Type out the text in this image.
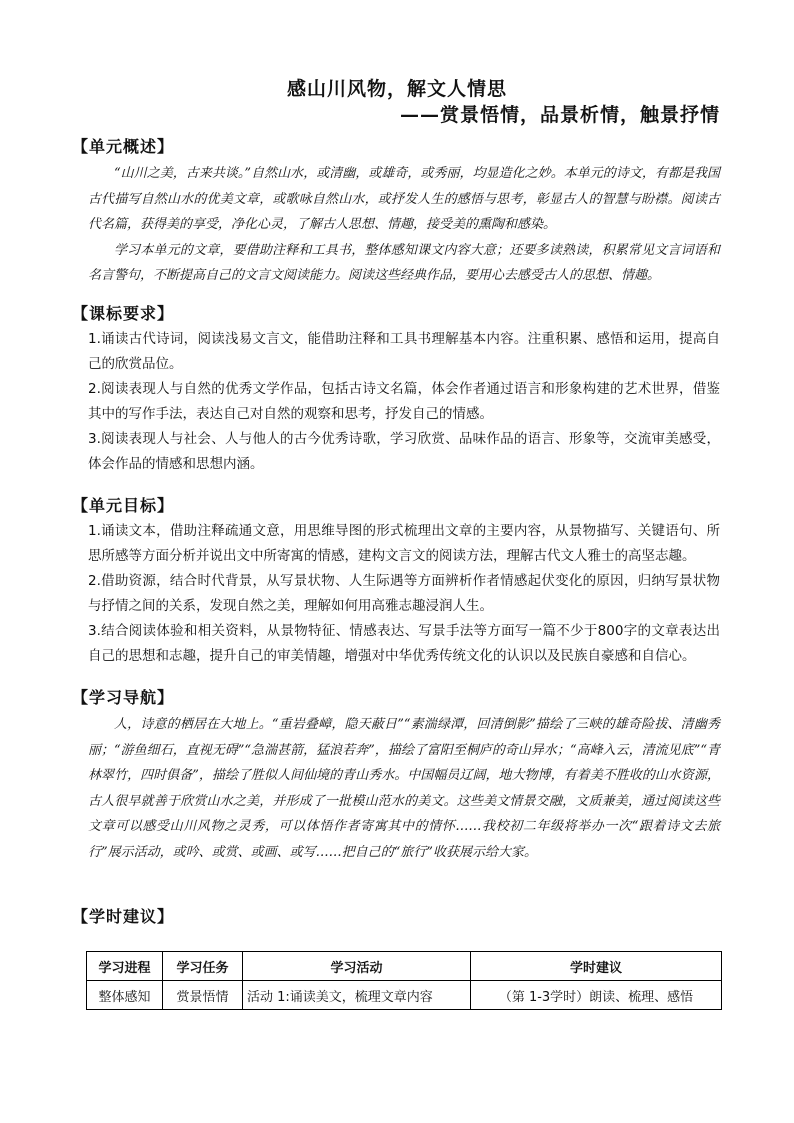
感山川风物，解文人情思
——赏景悟情，品景析情，触景抒情
【单元概述】

“山川之美，古来共谈。”自然山水，或清幽，或雄奇，或秀丽，均显造化之妙。本单元的诗文，有都是我国古代描写自然山水的优美文章，或歌咏自然山水，或抒发人生的感悟与思考，彰显古人的智慧与盼襟。阅读古代名篇，获得美的享受，净化心灵，了解古人思想、情趣，接受美的熏陶和感染。

学习本单元的文章，要借助注释和工具书，整体感知课文内容大意；还要多读熟读，积累常见文言词语和名言警句，不断提高自己的文言文阅读能力。阅读这些经典作品，要用心去感受古人的思想、情趣。

【课标要求】

1.诵读古代诗词，阅读浅易文言文，能借助注释和工具书理解基本内容。注重积累、感悟和运用，提高自己的欣赏品位。

2.阅读表现人与自然的优秀文学作品，包括古诗文名篇，体会作者通过语言和形象构建的艺术世界，借鉴其中的写作手法，表达自己对自然的观察和思考，抒发自己的情感。

3.阅读表现人与社会、人与他人的古今优秀诗歌，学习欣赏、品味作品的语言、形象等，交流审美感受，体会作品的情感和思想内涵。

【单元目标】

1.诵读文本，借助注释疏通文意，用思维导图的形式梳理出文章的主要内容，从景物描写、关键语句、所思所感等方面分析并说出文中所寄寓的情感，建构文言文的阅读方法，理解古代文人雅士的高坚志趣。

2.借助资源，结合时代背景，从写景状物、人生际遇等方面辨析作者情感起伏变化的原因，归纳写景状物与抒情之间的关系，发现自然之美，理解如何用高雅志趣浸润人生。

3.结合阅读体验和相关资料，从景物特征、情感表达、写景手法等方面写一篇不少于800字的文章表达出自己的思想和志趣，提升自己的审美情趣，增强对中华优秀传统文化的认识以及民族自豪感和自信心。

【学习导航】

人，诗意的栖居在大地上。“重岩叠嶂，隐天蔽日”“素湍绿潭，回清倒影”描绘了三峡的雄奇险拔、清幽秀丽；“游鱼细石，直视无碍”“急湍甚箭，猛浪若奔”，描绘了富阳至桐庐的奇山异水；“高峰入云，清流见底”“青林翠竹，四时俱备”，描绘了胜似人间仙境的青山秀水。中国幅员辽阔，地大物博，有着美不胜收的山水资源，古人很早就善于欣赏山水之美，并形成了一批模山范水的美文。这些美文情景交融，文质兼美，通过阅读这些文章可以感受山川风物之灵秀，可以体悟作者寄寓其中的情怀……我校初二年级将举办一次“跟着诗文去旅行”展示活动，或吟、或赏、或画、或写……把自己的“旅行”收获展示给大家。

【学时建议】
学习进程	学习任务	学习活动	学时建议
整体感知	赏景悟情	活动 1:诵读美文，梳理文章内容	（第 1-3学时）朗读、梳理、感悟
